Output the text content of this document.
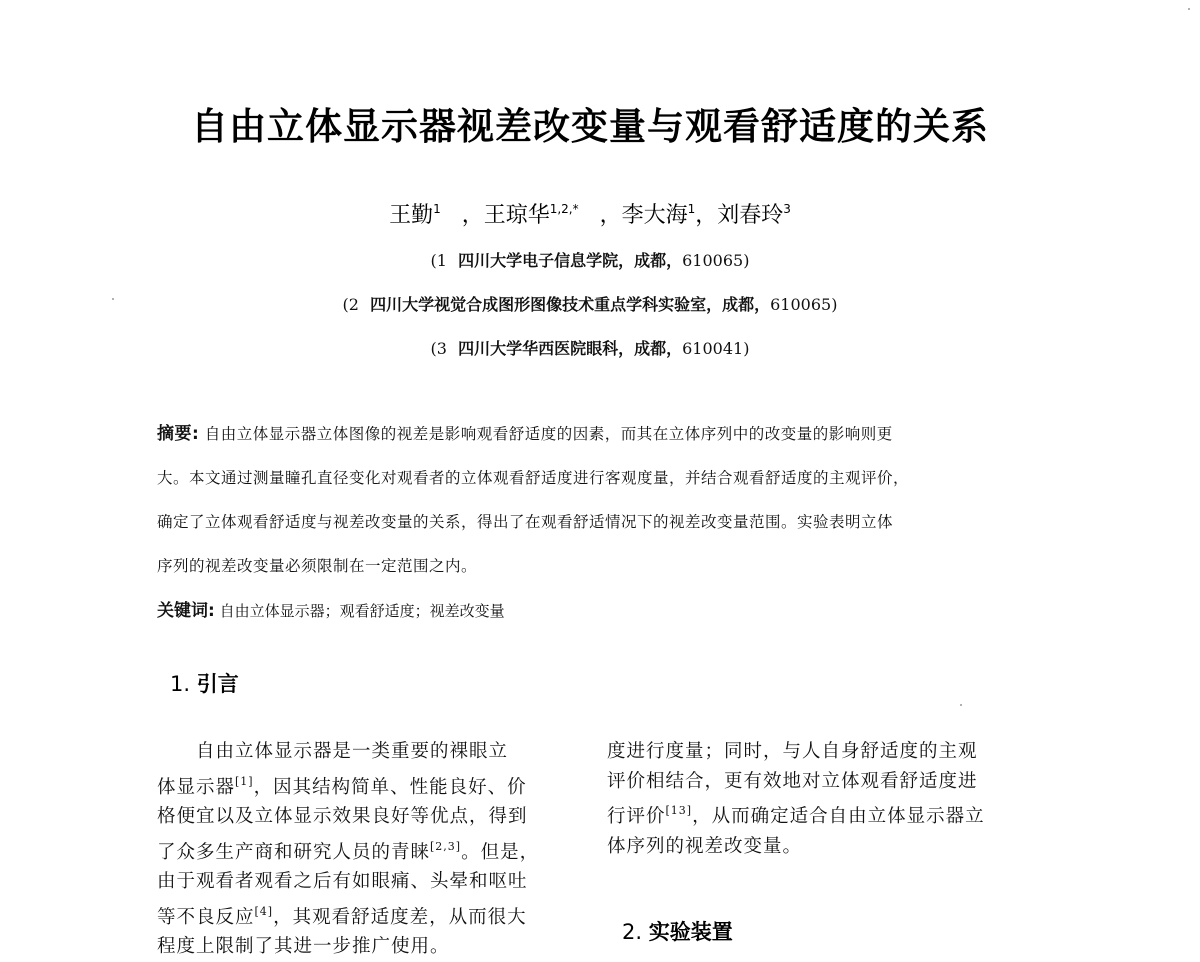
自由立体显示器视差改变量与观看舒适度的关系
王勤$^1$   ，王琼华$^{1,2,*}$   ，李大海$^1$，刘春玲$^3$
(1 四川大学电子信息学院，成都，610065)
(2 四川大学视觉合成图形图像技术重点学科实验室，成都，610065)
(3 四川大学华西医院眼科，成都，610041)
摘要: 自由立体显示器立体图像的视差是影响观看舒适度的因素，而其在立体序列中的改变量的影响则更
大。本文通过测量瞳孔直径变化对观看者的立体观看舒适度进行客观度量，并结合观看舒适度的主观评价，
确定了立体观看舒适度与视差改变量的关系，得出了在观看舒适情况下的视差改变量范围。实验表明立体
序列的视差改变量必须限制在一定范围之内。
关键词: 自由立体显示器；观看舒适度；视差改变量
1. 引言
　　自由立体显示器是一类重要的裸眼立
体显示器[1]，因其结构简单、性能良好、价
格便宜以及立体显示效果良好等优点，得到
了众多生产商和研究人员的青睐[2,3]。但是，
由于观看者观看之后有如眼痛、头晕和呕吐
等不良反应[4]，其观看舒适度差，从而很大
程度上限制了其进一步推广使用。
度进行度量；同时，与人自身舒适度的主观
评价相结合，更有效地对立体观看舒适度进
行评价[13]，从而确定适合自由立体显示器立
体序列的视差改变量。
2. 实验装置
